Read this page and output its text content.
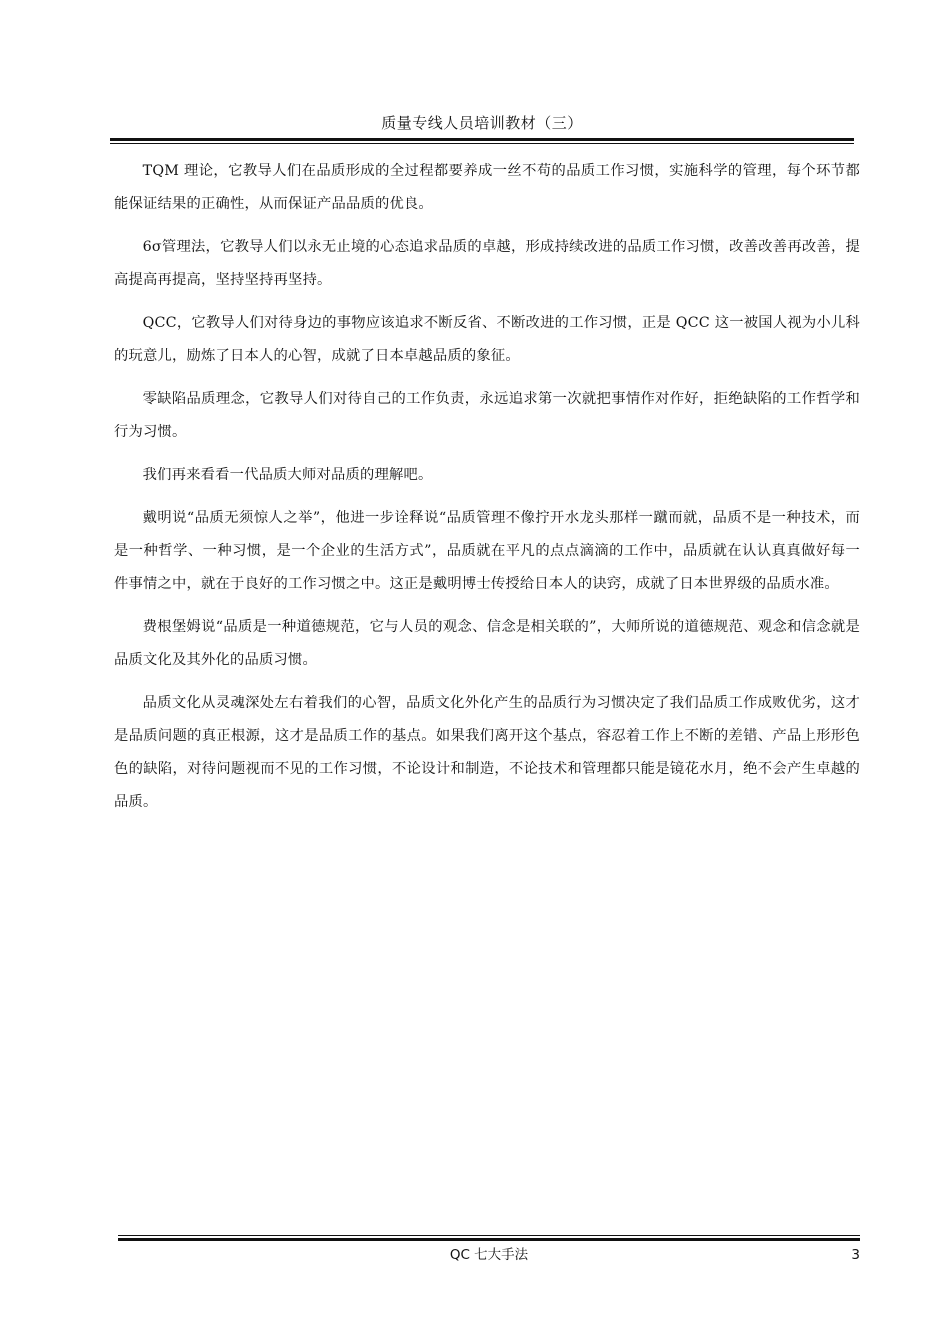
质量专线人员培训教材（三）

TQM 理论，它教导人们在品质形成的全过程都要养成一丝不苟的品质工作习惯，实施科学的管理，每个环节都能保证结果的正确性，从而保证产品品质的优良。

6σ管理法，它教导人们以永无止境的心态追求品质的卓越，形成持续改进的品质工作习惯，改善改善再改善，提高提高再提高，坚持坚持再坚持。

QCC，它教导人们对待身边的事物应该追求不断反省、不断改进的工作习惯，正是 QCC 这一被国人视为小儿科的玩意儿，励炼了日本人的心智，成就了日本卓越品质的象征。

零缺陷品质理念，它教导人们对待自己的工作负责，永远追求第一次就把事情作对作好，拒绝缺陷的工作哲学和行为习惯。

我们再来看看一代品质大师对品质的理解吧。

戴明说“品质无须惊人之举”，他进一步诠释说“品质管理不像拧开水龙头那样一蹴而就，品质不是一种技术，而是一种哲学、一种习惯，是一个企业的生活方式”，品质就在平凡的点点滴滴的工作中，品质就在认认真真做好每一件事情之中，就在于良好的工作习惯之中。这正是戴明博士传授给日本人的诀窍，成就了日本世界级的品质水准。

费根堡姆说“品质是一种道德规范，它与人员的观念、信念是相关联的”，大师所说的道德规范、观念和信念就是品质文化及其外化的品质习惯。

品质文化从灵魂深处左右着我们的心智，品质文化外化产生的品质行为习惯决定了我们品质工作成败优劣，这才是品质问题的真正根源，这才是品质工作的基点。如果我们离开这个基点，容忍着工作上不断的差错、产品上形形色色的缺陷，对待问题视而不见的工作习惯，不论设计和制造，不论技术和管理都只能是镜花水月，绝不会产生卓越的品质。

QC 七大手法	3
